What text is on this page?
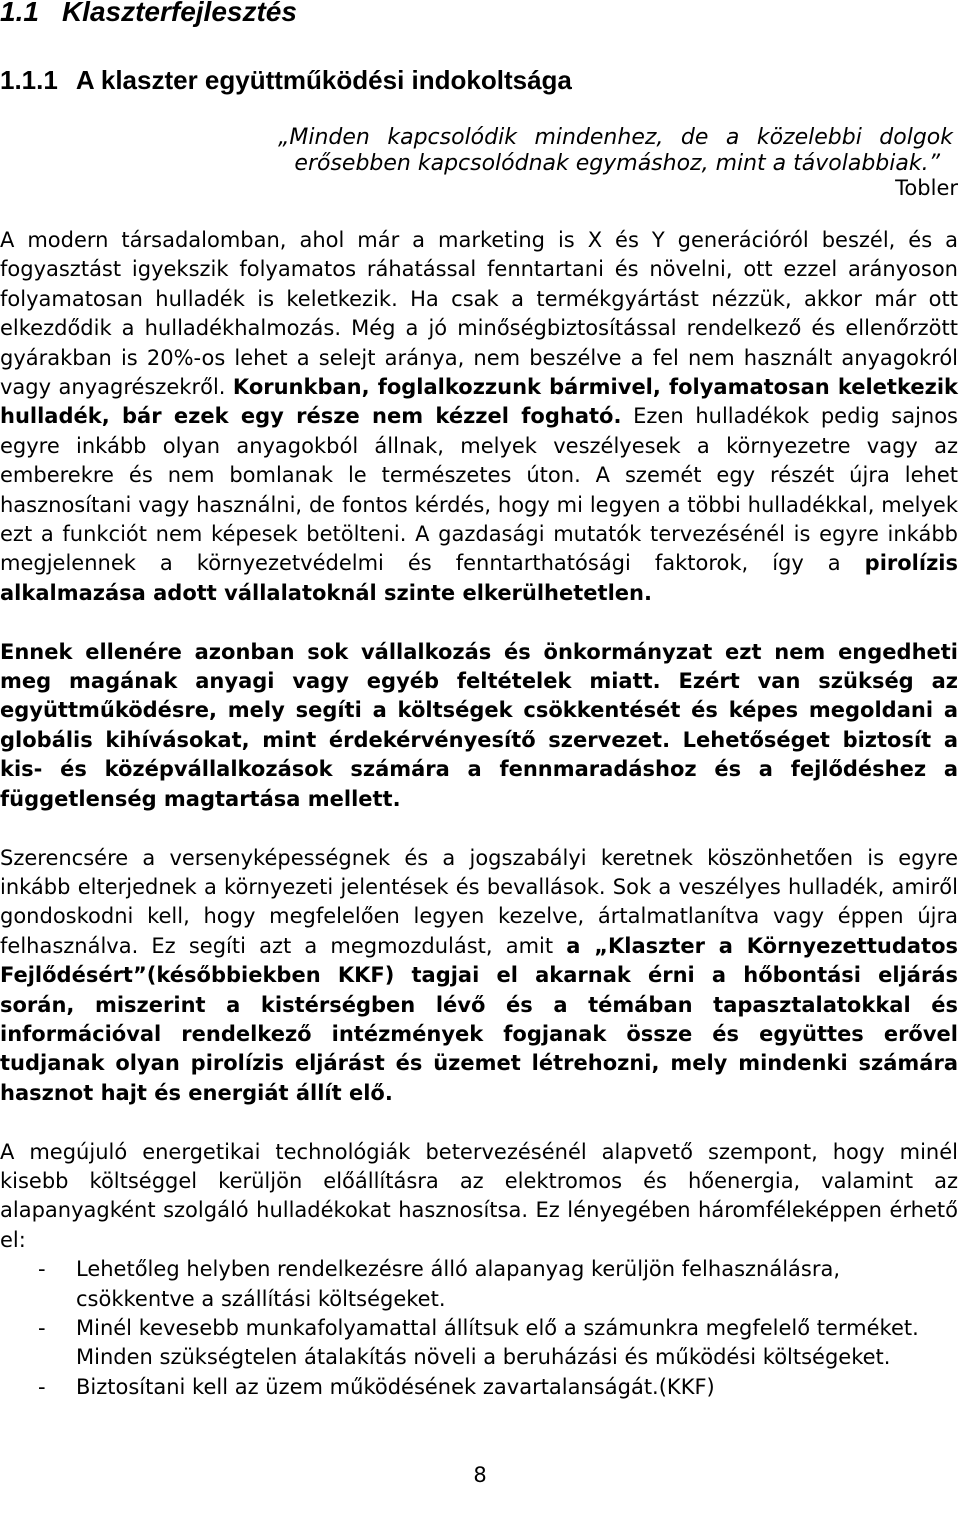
1.1 Klaszterfejlesztés
1.1.1 A klaszter együttműködési indokoltsága
„Minden kapcsolódik mindenhez, de a közelebbi dolgok
erősebben kapcsolódnak egymáshoz, mint a távolabbiak.”
Tobler

A modern társadalomban, ahol már a marketing is X és Y generációról beszél, és a fogyasztást igyekszik folyamatos ráhatással fenntartani és növelni, ott ezzel arányoson folyamatosan hulladék is keletkezik. Ha csak a termékgyártást nézzük, akkor már ott elkezdődik a hulladékhalmozás. Még a jó minőségbiztosítással rendelkező és ellenőrzött gyárakban is 20%-os lehet a selejt aránya, nem beszélve a fel nem használt anyagokról vagy anyagrészekről. Korunkban, foglalkozzunk bármivel, folyamatosan keletkezik hulladék, bár ezek egy része nem kézzel fogható. Ezen hulladékok pedig sajnos egyre inkább olyan anyagokból állnak, melyek veszélyesek a környezetre vagy az emberekre és nem bomlanak le természetes úton. A szemét egy részét újra lehet hasznosítani vagy használni, de fontos kérdés, hogy mi legyen a többi hulladékkal, melyek ezt a funkciót nem képesek betölteni. A gazdasági mutatók tervezésénél is egyre inkább megjelennek a környezetvédelmi és fenntarthatósági faktorok, így a pirolízis alkalmazása adott vállalatoknál szinte elkerülhetetlen.

Ennek ellenére azonban sok vállalkozás és önkormányzat ezt nem engedheti meg magának anyagi vagy egyéb feltételek miatt. Ezért van szükség az együttműködésre, mely segíti a költségek csökkentését és képes megoldani a globális kihívásokat, mint érdekérvényesítő szervezet. Lehetőséget biztosít a kis- és középvállalkozások számára a fennmaradáshoz és a fejlődéshez a függetlenség magtartása mellett.

Szerencsére a versenyképességnek és a jogszabályi keretnek köszönhetően is egyre inkább elterjednek a környezeti jelentések és bevallások. Sok a veszélyes hulladék, amiről gondoskodni kell, hogy megfelelően legyen kezelve, ártalmatlanítva vagy éppen újra felhasználva. Ez segíti azt a megmozdulást, amit a „Klaszter a Környezettudatos Fejlődésért”(későbbiekben KKF) tagjai el akarnak érni a hőbontási eljárás során, miszerint a kistérségben lévő és a témában tapasztalatokkal és információval rendelkező intézmények fogjanak össze és együttes erővel tudjanak olyan pirolízis eljárást és üzemet létrehozni, mely mindenki számára hasznot hajt és energiát állít elő.

A megújuló energetikai technológiák betervezésénél alapvető szempont, hogy minél kisebb költséggel kerüljön előállításra az elektromos és hőenergia, valamint az alapanyagként szolgáló hulladékokat hasznosítsa. Ez lényegében háromféleképpen érhető el:

- Lehetőleg helyben rendelkezésre álló alapanyag kerüljön felhasználásra, csökkentve a szállítási költségeket.
- Minél kevesebb munkafolyamattal állítsuk elő a számunkra megfelelő terméket. Minden szükségtelen átalakítás növeli a beruházási és működési költségeket.
- Biztosítani kell az üzem működésének zavartalanságát.(KKF)
8
